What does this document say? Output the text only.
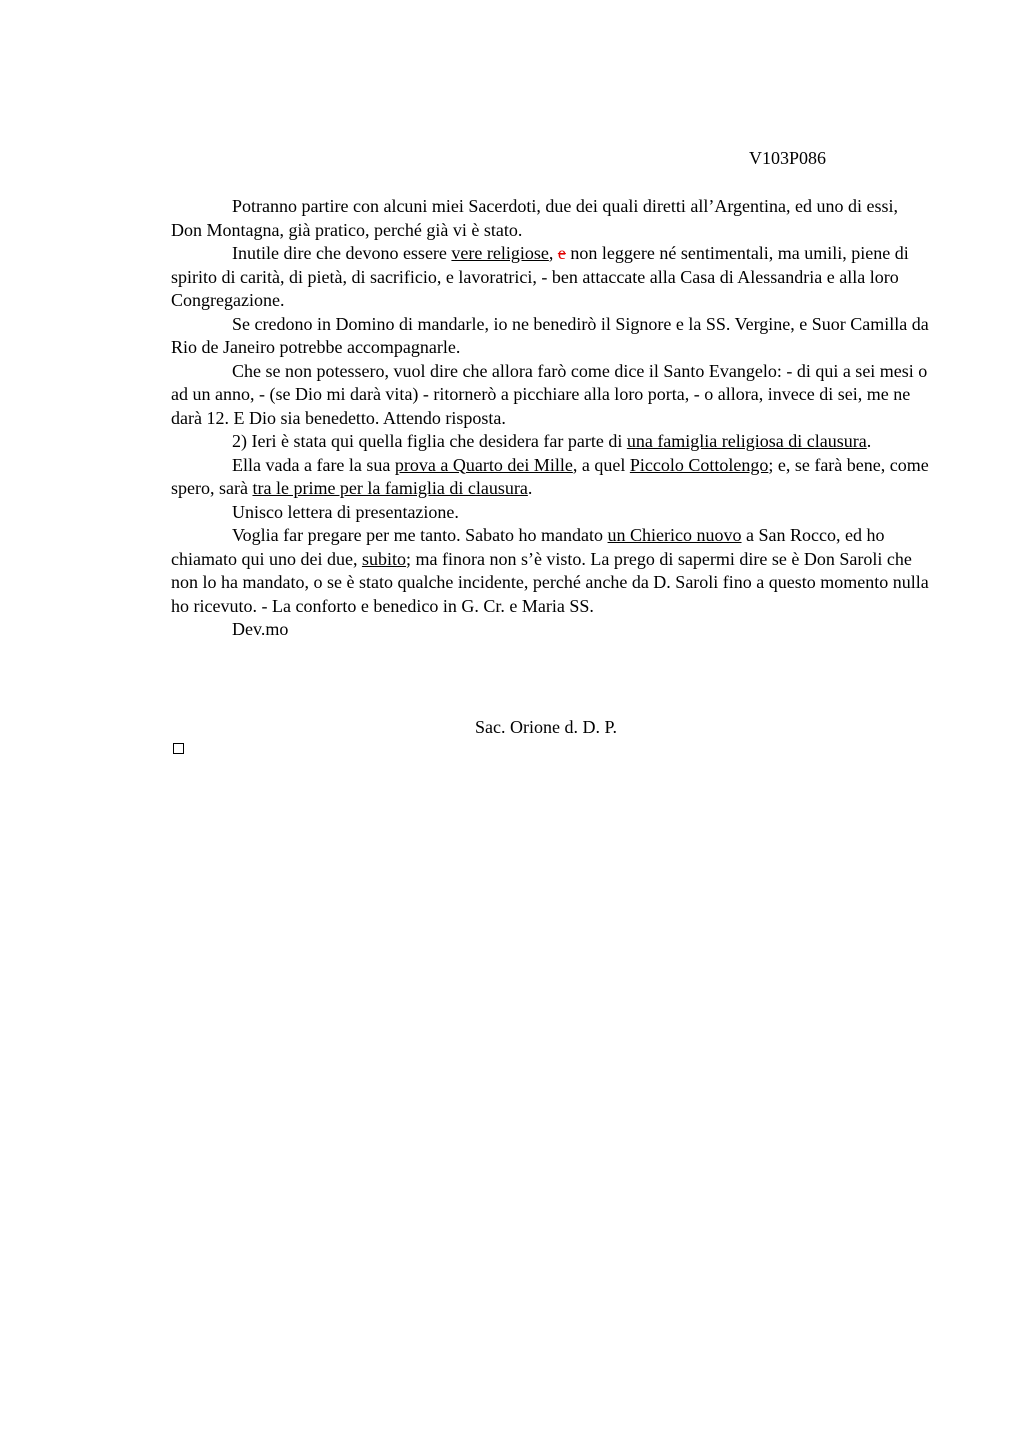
V103P086

Potranno partire con alcuni miei Sacerdoti, due dei quali diretti all’Argentina, ed uno di essi, Don Montagna, già pratico, perché già vi è stato.

Inutile dire che devono essere vere religiose, e non leggere né sentimentali, ma umili, piene di spirito di carità, di pietà, di sacrificio, e lavoratrici, - ben attaccate alla Casa di Alessandria e alla loro Congregazione.

Se credono in Domino di mandarle, io ne benedirò il Signore e la SS. Vergine, e Suor Camilla da Rio de Janeiro potrebbe accompagnarle.

Che se non potessero, vuol dire che allora farò come dice il Santo Evangelo: - di qui a sei mesi o ad un anno, - (se Dio mi darà vita) - ritornerò a picchiare alla loro porta, - o allora, invece di sei, me ne darà 12. E Dio sia benedetto. Attendo risposta.

2) Ieri è stata qui quella figlia che desidera far parte di una famiglia religiosa di clausura.

Ella vada a fare la sua prova a Quarto dei Mille, a quel Piccolo Cottolengo; e, se farà bene, come spero, sarà tra le prime per la famiglia di clausura.

Unisco lettera di presentazione.

Voglia far pregare per me tanto. Sabato ho mandato un Chierico nuovo a San Rocco, ed ho chiamato qui uno dei due, subito; ma finora non s’è visto. La prego di sapermi dire se è Don Saroli che non lo ha mandato, o se è stato qualche incidente, perché anche da D. Saroli fino a questo momento nulla ho ricevuto. - La conforto e benedico in G. Cr. e Maria SS.

Dev.mo

Sac. Orione d. D. P.
